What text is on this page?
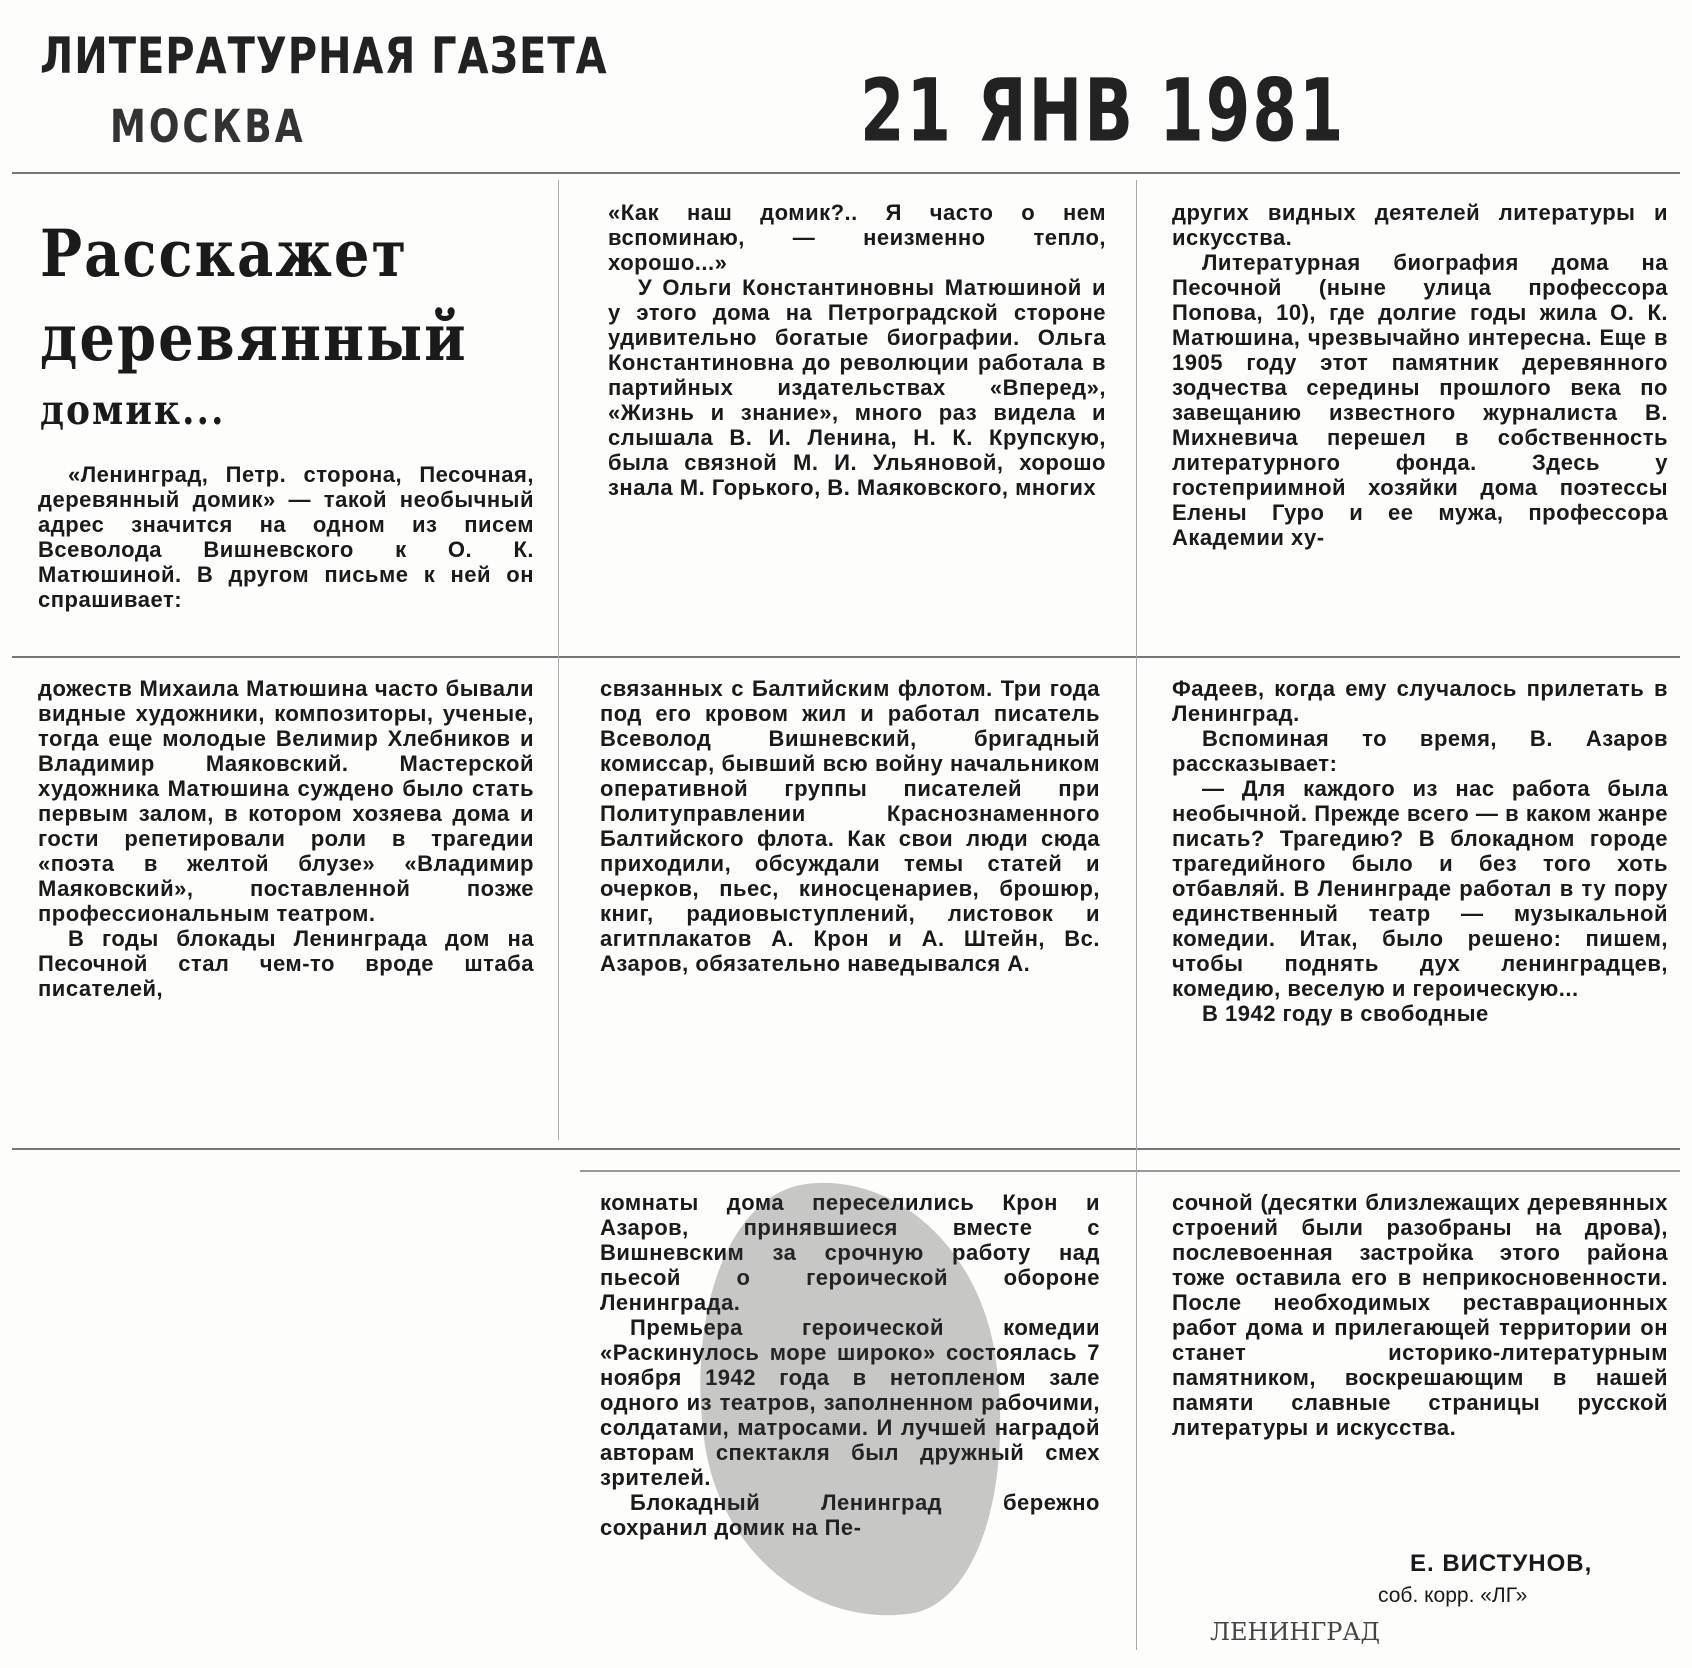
ЛИТЕРАТУРНАЯ ГАЗЕТА
МОСКВА	21 ЯНВ 1981
Расскажет
деревянный
домик...

«Ленинград, Петр. сторона, Песочная, деревянный домик» — такой необычный адрес значится на одном из писем Всеволода Вишневского к О. К. Матюшиной. В другом письме к ней он спрашивает:

«Как наш домик?.. Я часто о нем вспоминаю, — неизменно тепло, хорошо...»

У Ольги Константиновны Матюшиной и у этого дома на Петроградской стороне удивительно богатые биографии. Ольга Константиновна до революции работала в партийных издательствах «Вперед», «Жизнь и знание», много раз видела и слышала В. И. Ленина, Н. К. Крупскую, была связной М. И. Ульяновой, хорошо знала М. Горького, В. Маяковского, многих

других видных деятелей литературы и искусства.

Литературная биография дома на Песочной (ныне улица профессора Попова, 10), где долгие годы жила О. К. Матюшина, чрезвычайно интересна. Еще в 1905 году этот памятник деревянного зодчества середины прошлого века по завещанию известного журналиста В. Михневича перешел в собственность литературного фонда. Здесь у гостеприимной хозяйки дома поэтессы Елены Гуро и ее мужа, профессора Академии ху-

дожеств Михаила Матюшина часто бывали видные художники, композиторы, ученые, тогда еще молодые Велимир Хлебников и Владимир Маяковский. Мастерской художника Матюшина суждено было стать первым залом, в котором хозяева дома и гости репетировали роли в трагедии «поэта в желтой блузе» «Владимир Маяковский», поставленной позже профессиональным театром.

В годы блокады Ленинграда дом на Песочной стал чем-то вроде штаба писателей,

связанных с Балтийским флотом. Три года под его кровом жил и работал писатель Всеволод Вишневский, бригадный комиссар, бывший всю войну начальником оперативной группы писателей при Политуправлении Краснознаменного Балтийского флота. Как свои люди сюда приходили, обсуждали темы статей и очерков, пьес, киносценариев, брошюр, книг, радиовыступлений, листовок и агитплакатов А. Крон и А. Штейн, Вс. Азаров, обязательно наведывался А.

Фадеев, когда ему случалось прилетать в Ленинград.

Вспоминая то время, В. Азаров рассказывает:

— Для каждого из нас работа была необычной. Прежде всего — в каком жанре писать? Трагедию? В блокадном городе трагедийного было и без того хоть отбавляй. В Ленинграде работал в ту пору единственный театр — музыкальной комедии. Итак, было решено: пишем, чтобы поднять дух ленинградцев, комедию, веселую и героическую...

В 1942 году в свободные

комнаты дома переселились Крон и Азаров, принявшиеся вместе с Вишневским за срочную работу над пьесой о героической обороне Ленинграда.

Премьера героической комедии «Раскинулось море широко» состоялась 7 ноября 1942 года в нетопленом зале одного из театров, заполненном рабочими, солдатами, матросами. И лучшей наградой авторам спектакля был дружный смех зрителей.

Блокадный Ленинград бережно сохранил домик на Пе-

сочной (десятки близлежащих деревянных строений были разобраны на дрова), послевоенная застройка этого района тоже оставила его в неприкосновенности. После необходимых реставрационных работ дома и прилегающей территории он станет историко-литературным памятником, воскрешающим в нашей памяти славные страницы русской литературы и искусства.

Е. ВИСТУНОВ,
соб. корр. «ЛГ»
ЛЕНИНГРАД
